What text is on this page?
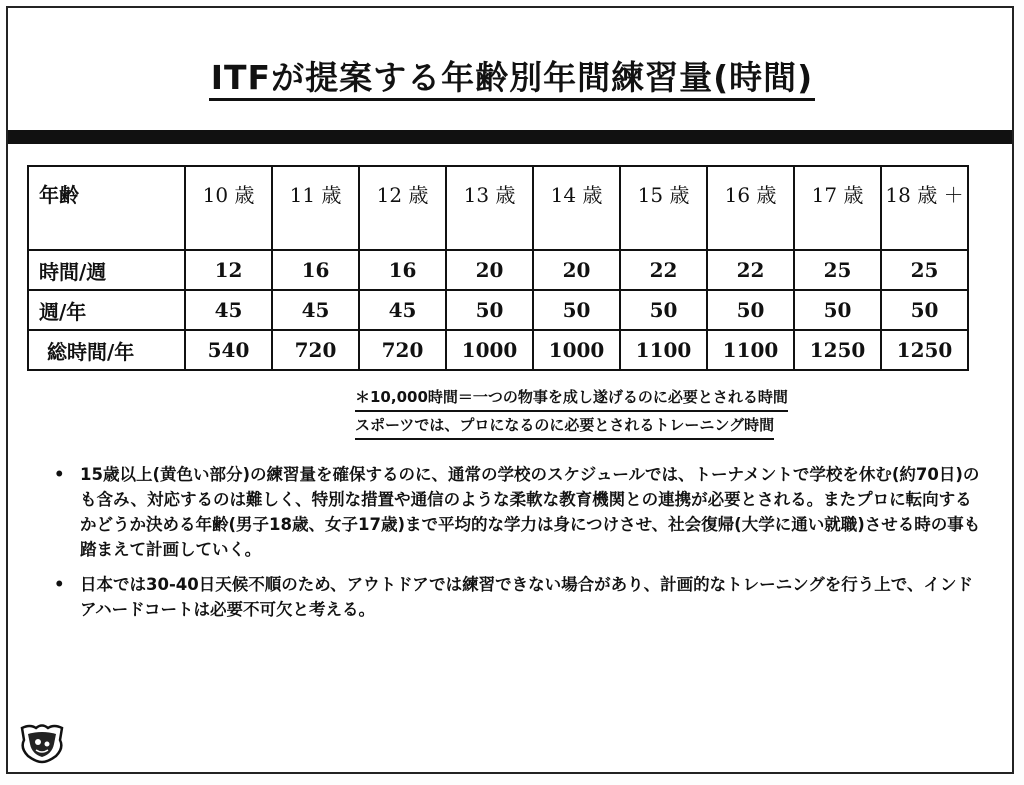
ITFが提案する年齢別年間練習量(時間)
年齢	10 歳	11 歳	12 歳	13 歳	14 歳	15 歳	16 歳	17 歳	18 歳 ＋
時間/週	12	16	16	20	20	22	22	25	25
週/年	45	45	45	50	50	50	50	50	50
総時間/年	540	720	720	1000	1000	1100	1100	1250	1250
＊10,000時間＝一つの物事を成し遂げるのに必要とされる時間
スポーツでは、プロになるのに必要とされるトレーニング時間
• 15歳以上(黄色い部分)の練習量を確保するのに、通常の学校のスケジュールでは、トーナメントで学校を休む(約70日)のも含み、対応するのは難しく、特別な措置や通信のような柔軟な教育機関との連携が必要とされる。またプロに転向するかどうか決める年齢(男子18歳、女子17歳)まで平均的な学力は身につけさせ、社会復帰(大学に通い就職)させる時の事も踏まえて計画していく。
• 日本では30-40日天候不順のため、アウトドアでは練習できない場合があり、計画的なトレーニングを行う上で、インドアハードコートは必要不可欠と考える。
